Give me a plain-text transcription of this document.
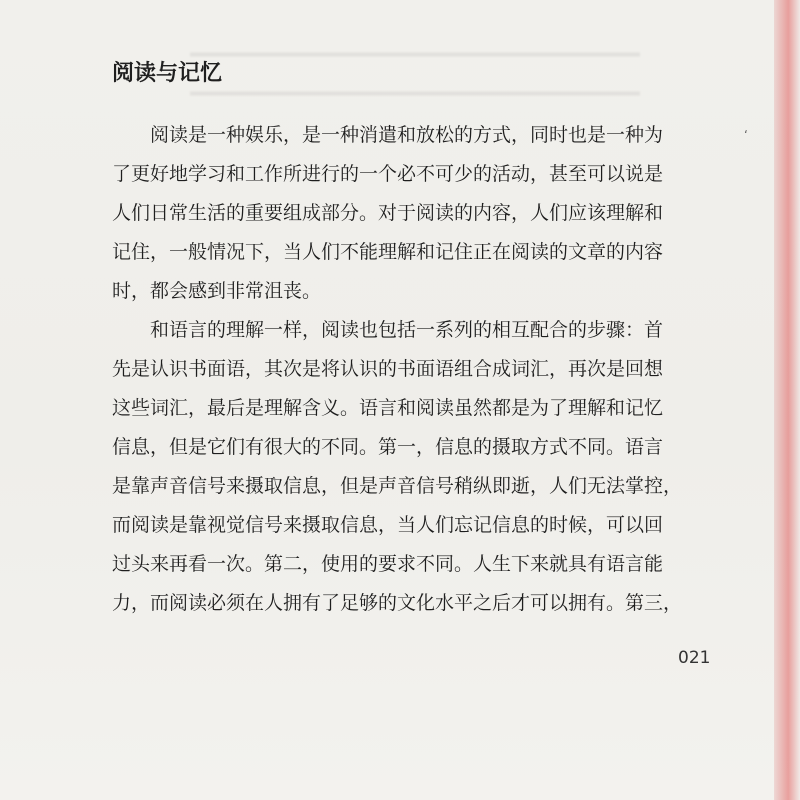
阅读与记忆
阅读是一种娱乐，是一种消遣和放松的方式，同时也是一种为
了更好地学习和工作所进行的一个必不可少的活动，甚至可以说是
人们日常生活的重要组成部分。对于阅读的内容，人们应该理解和
记住，一般情况下，当人们不能理解和记住正在阅读的文章的内容
时，都会感到非常沮丧。
和语言的理解一样，阅读也包括一系列的相互配合的步骤：首
先是认识书面语，其次是将认识的书面语组合成词汇，再次是回想
这些词汇，最后是理解含义。语言和阅读虽然都是为了理解和记忆
信息，但是它们有很大的不同。第一，信息的摄取方式不同。语言
是靠声音信号来摄取信息，但是声音信号稍纵即逝，人们无法掌控，
而阅读是靠视觉信号来摄取信息，当人们忘记信息的时候，可以回
过头来再看一次。第二，使用的要求不同。人生下来就具有语言能
力，而阅读必须在人拥有了足够的文化水平之后才可以拥有。第三，
‘
021
